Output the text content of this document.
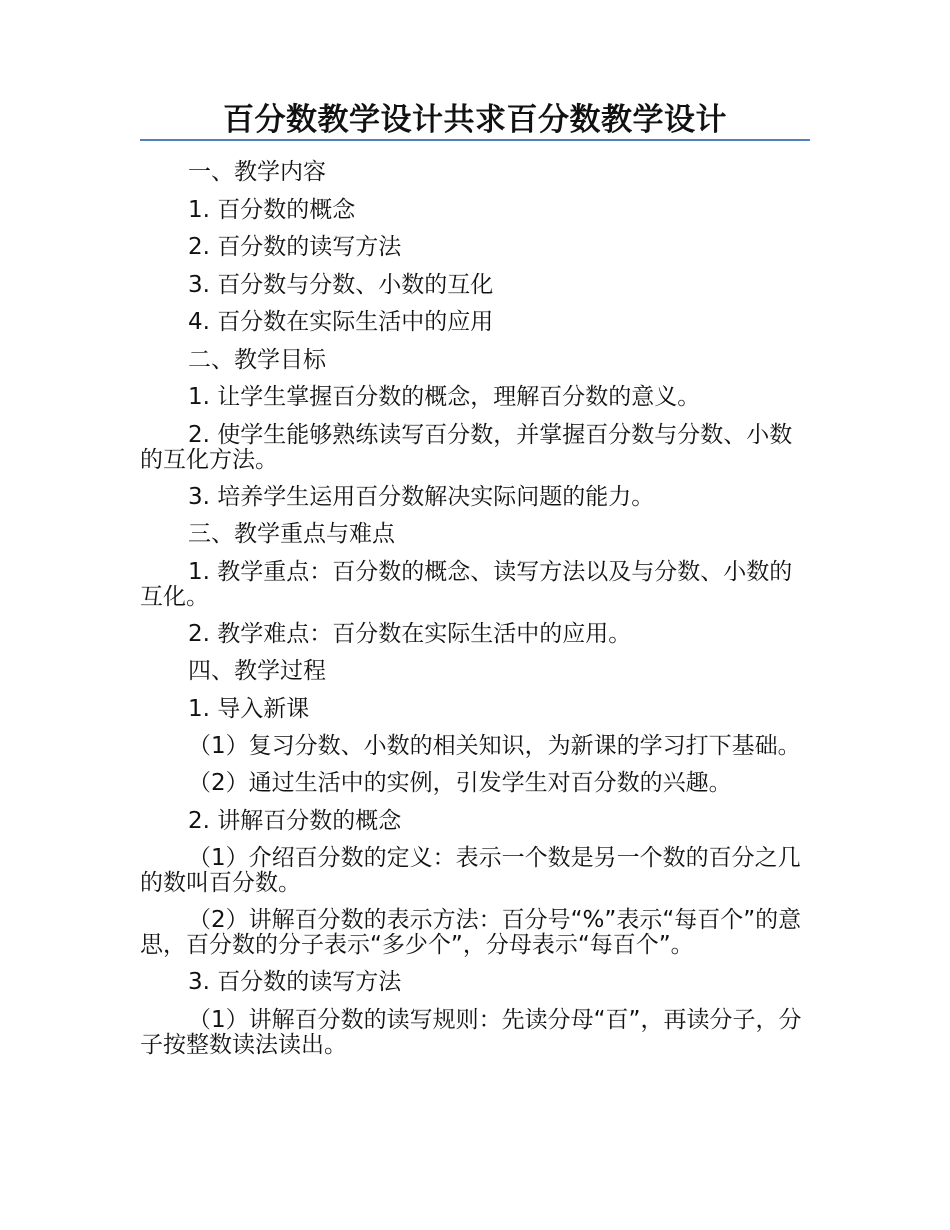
百分数教学设计共求百分数教学设计

一、教学内容

1. 百分数的概念

2. 百分数的读写方法

3. 百分数与分数、小数的互化

4. 百分数在实际生活中的应用

二、教学目标

1. 让学生掌握百分数的概念，理解百分数的意义。

2. 使学生能够熟练读写百分数，并掌握百分数与分数、小数的互化方法。

3. 培养学生运用百分数解决实际问题的能力。

三、教学重点与难点

1. 教学重点：百分数的概念、读写方法以及与分数、小数的互化。

2. 教学难点：百分数在实际生活中的应用。

四、教学过程

1. 导入新课

（1）复习分数、小数的相关知识，为新课的学习打下基础。

（2）通过生活中的实例，引发学生对百分数的兴趣。

2. 讲解百分数的概念

（1）介绍百分数的定义：表示一个数是另一个数的百分之几的数叫百分数。

（2）讲解百分数的表示方法：百分号“%”表示“每百个”的意思，百分数的分子表示“多少个”，分母表示“每百个”。

3. 百分数的读写方法

（1）讲解百分数的读写规则：先读分母“百”，再读分子，分子按整数读法读出。
